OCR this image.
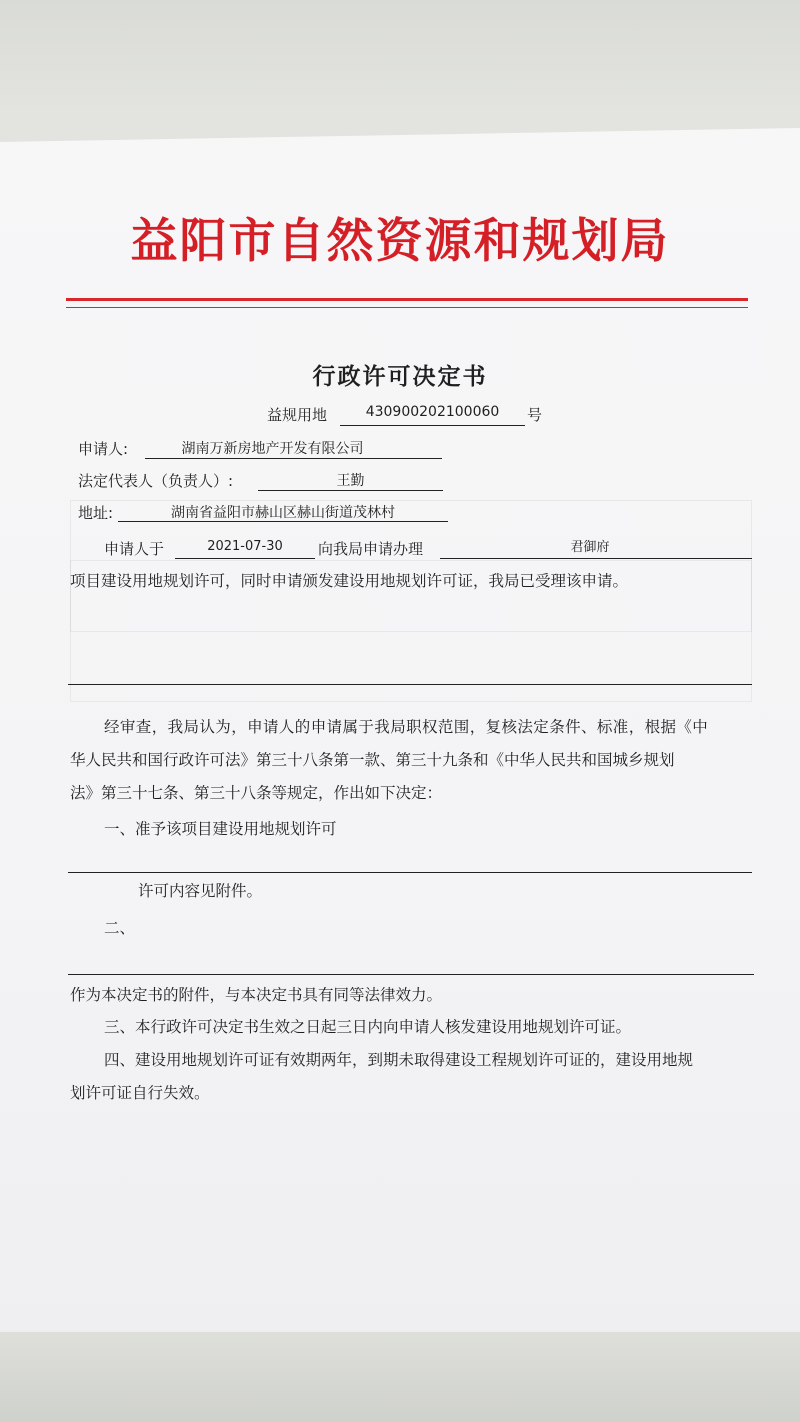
益阳市自然资源和规划局
行政许可决定书
益规用地	430900202100060	号
申请人:	湖南万新房地产开发有限公司
法定代表人（负责人）:	王勤
地址:	湖南省益阳市赫山区赫山街道茂林村
申请人于	2021-07-30	向我局申请办理	君御府
项目建设用地规划许可，同时申请颁发建设用地规划许可证，我局已受理该申请。
经审查，我局认为，申请人的申请属于我局职权范围，复核法定条件、标准，根据《中
华人民共和国行政许可法》第三十八条第一款、第三十九条和《中华人民共和国城乡规划
法》第三十七条、第三十八条等规定，作出如下决定：
一、准予该项目建设用地规划许可
许可内容见附件。
二、
作为本决定书的附件，与本决定书具有同等法律效力。
三、本行政许可决定书生效之日起三日内向申请人核发建设用地规划许可证。
四、建设用地规划许可证有效期两年，到期未取得建设工程规划许可证的，建设用地规
划许可证自行失效。
